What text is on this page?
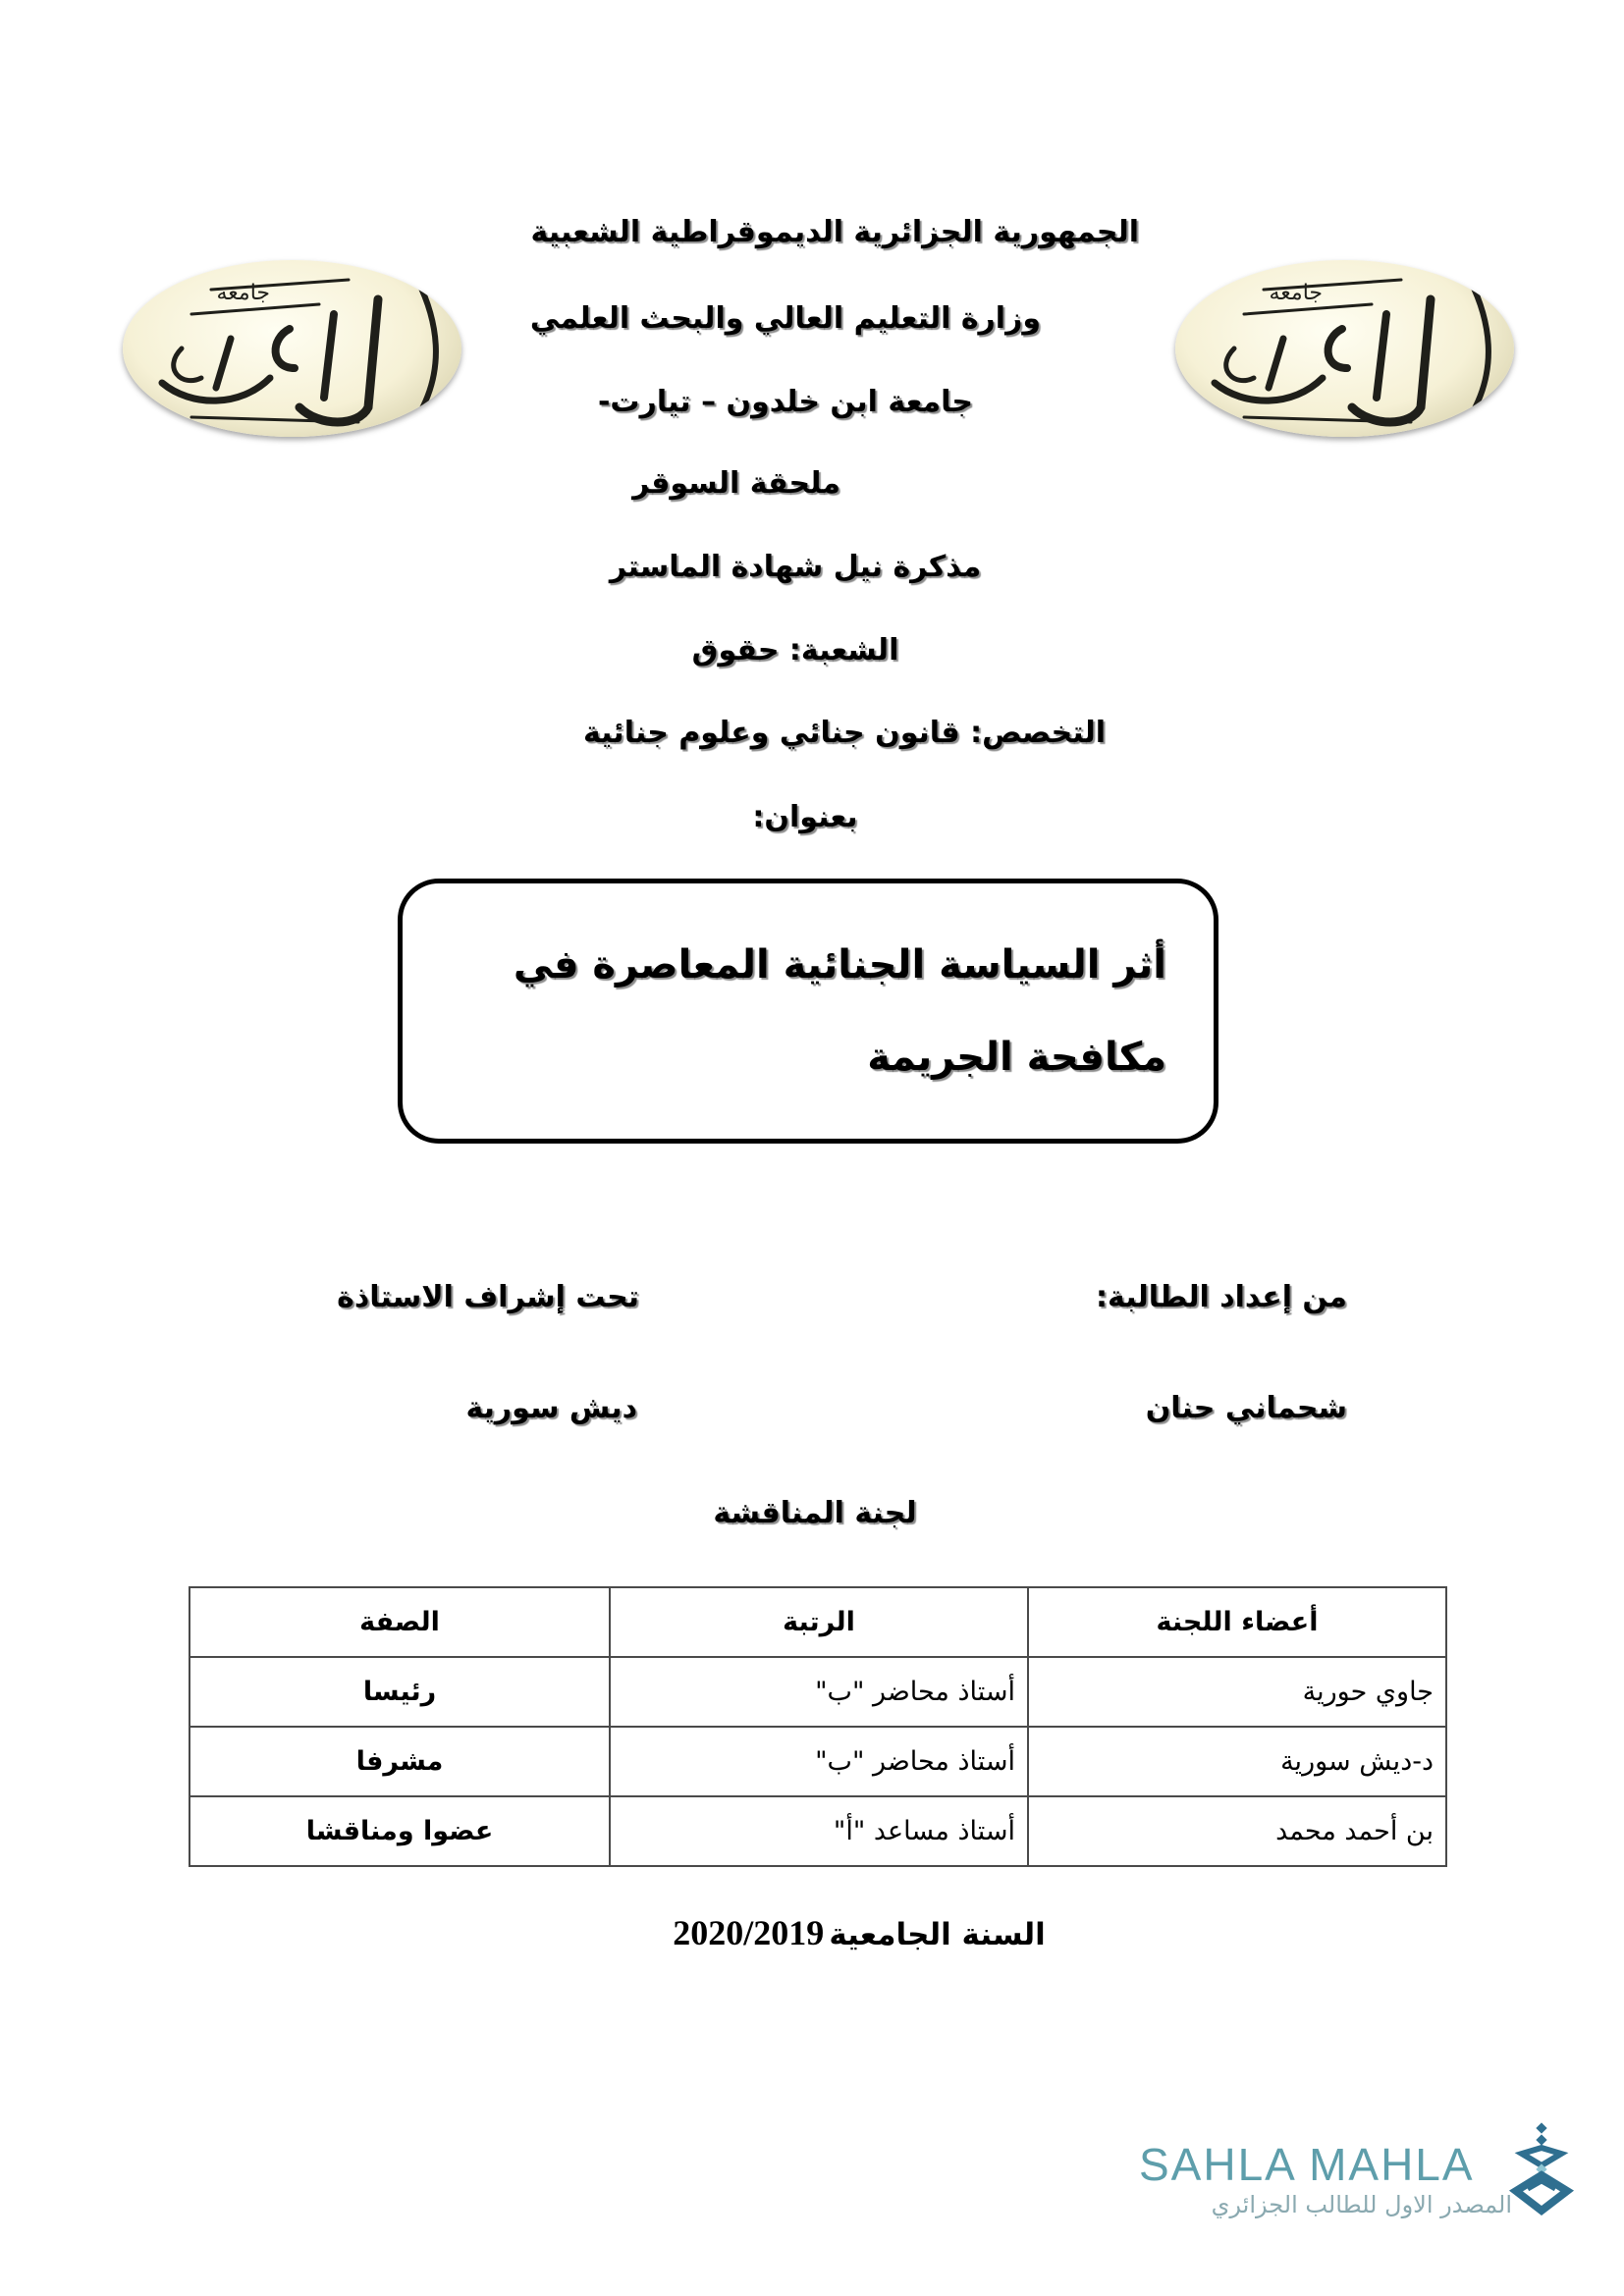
جامعة	جامعة
الجمهورية الجزائرية الديموقراطية الشعبية
وزارة التعليم العالي والبحث العلمي
جامعة ابن خلدون – تيارت-
ملحقة السوقر
مذكرة نيل شهادة الماستر
الشعبة: حقوق
التخصص: قانون جنائي وعلوم جنائية
بعنوان:
أثر السياسة الجنائية المعاصرة في مكافحة الجريمة
من إعداد الطالبة:
تحت إشراف الاستاذة
شحماني حنان
ديش سورية
لجنة المناقشة
أعضاء اللجنة	الرتبة	الصفة
جاوي حورية	أستاذ محاضر "ب"	رئيسا
د-ديش سورية	أستاذ محاضر "ب"	مشرفا
بن أحمد محمد	أستاذ مساعد "أ"	عضوا ومناقشا
2020/2019 السنة الجامعية
SAHLA MAHLA
المصدر الاول للطالب الجزائري
